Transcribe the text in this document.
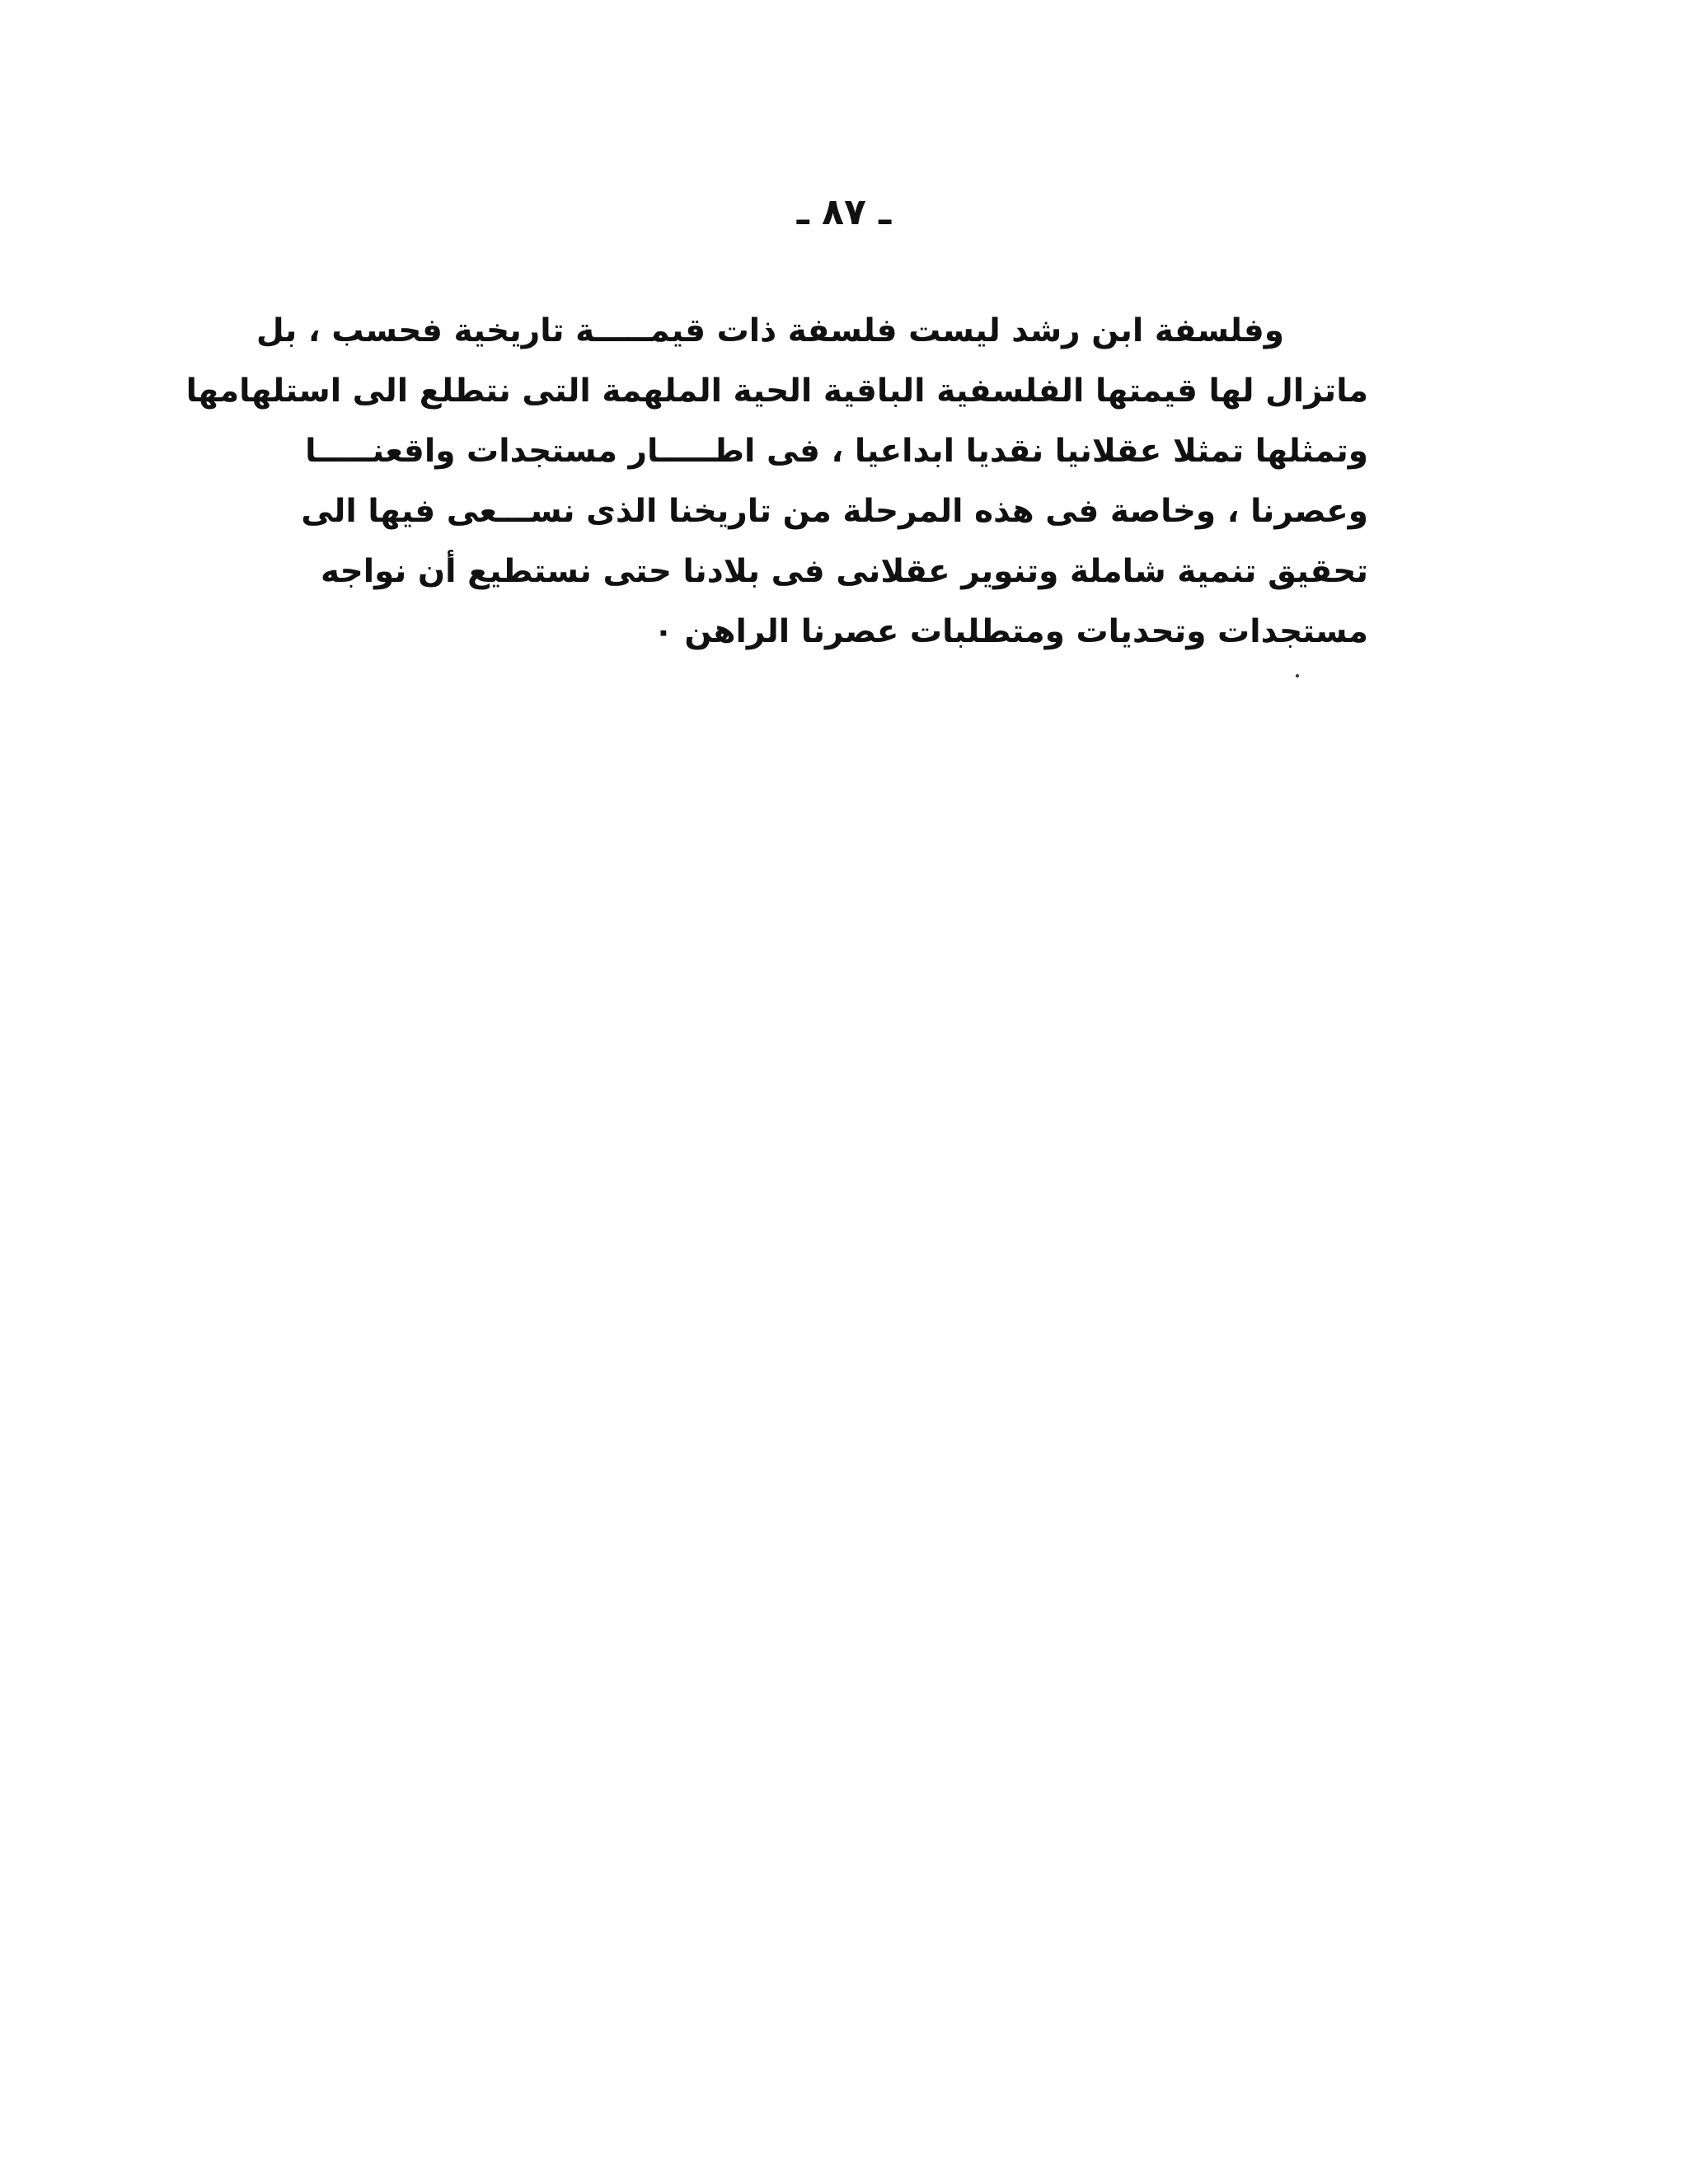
ـ ٨٧ ـ
وفلسفة ابن رشد ليست فلسفة ذات قيمـــــة تاريخية فحسب ، بل
ماتزال لها قيمتها الفلسفية الباقية الحية الملهمة التى نتطلع الى استلهامها
وتمثلها تمثلا عقلانيا نقديا ابداعيا ، فى اطـــــار مستجدات واقعنـــــا
وعصرنا ، وخاصة فى هذه المرحلة من تاريخنا الذى نســـعى فيها الى
تحقيق تنمية شاملة وتنوير عقلانى فى بلادنا حتى نستطيع أن نواجه
مستجدات وتحديات ومتطلبات عصرنا الراهن ٠
